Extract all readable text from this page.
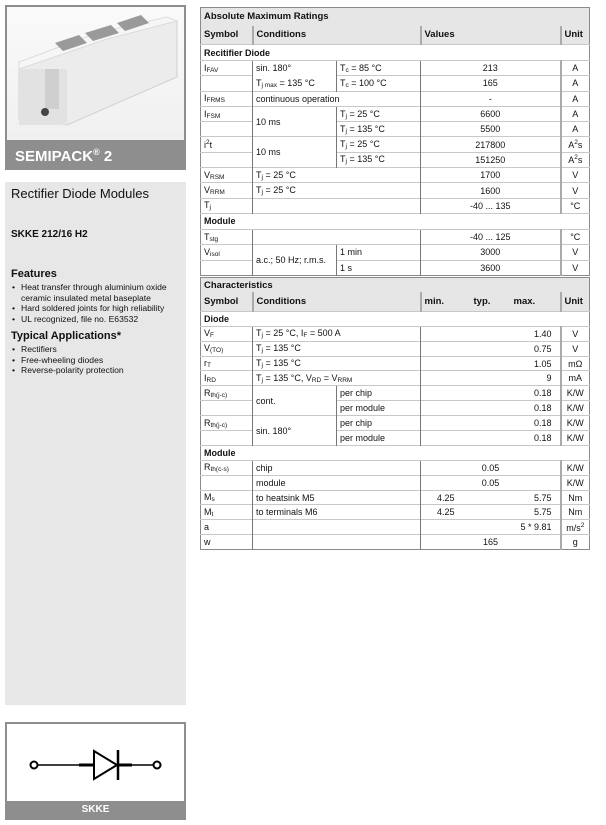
SEMIPACK® 2
Rectifier Diode Modules
SKKE 212/16 H2
Features
• Heat transfer through aluminium oxide ceramic insulated metal baseplate
• Hard soldered joints for high reliability
• UL recognized, file no. E63532
Typical Applications*
• Rectifiers
• Free-wheeling diodes
• Reverse-polarity protection
SKKE
Absolute Maximum Ratings				
Symbol	Conditions		Values	Unit
Recitifier Diode				
$I_{FAV}$	sin. 180°	$T_c = 85$ °C	213	A
	$T_{j max} = 135$ °C	$T_c = 100$ °C	165	A
$I_{FRMS}$	continuous operation		-	A
$I_{FSM}$	10 ms	$T_j = 25$ °C	6600	A
		$T_j = 135$ °C	5500	A
$i^2t$	10 ms	$T_j = 25$ °C	217800	$A^2s$
		$T_j = 135$ °C	151250	$A^2s$
$V_{RSM}$	$T_j = 25$ °C		1700	V
$V_{RRM}$	$T_j = 25$ °C		1600	V
$T_j$			-40 ... 135	°C
Module				
$T_{stg}$			-40 ... 125	°C
$V_{isol}$	a.c.; 50 Hz; r.m.s.	1 min	3000	V
		1 s	3600	V
Characteristics						
Symbol	Conditions		min.	typ.	max.	Unit
Diode						
$V_F$	$T_j = 25$ °C, $I_F = 500$ A				1.40	V
$V_{(TO)}$	$T_j = 135$ °C				0.75	V
$r_T$	$T_j = 135$ °C				1.05	mΩ
$I_{RD}$	$T_j = 135$ °C, $V_{RD} = V_{RRM}$				9	mA
$R_{th(j-c)}$	cont.	per chip			0.18	K/W
		per module			0.18	K/W
$R_{th(j-c)}$	sin. 180°	per chip			0.18	K/W
		per module			0.18	K/W
Module						
$R_{th(c-s)}$	chip			0.05		K/W
	module			0.05		K/W
$M_s$	to heatsink M5		4.25		5.75	Nm
$M_t$	to terminals M6		4.25		5.75	Nm
a					5 * 9.81	$m/s^2$
w				165		g
